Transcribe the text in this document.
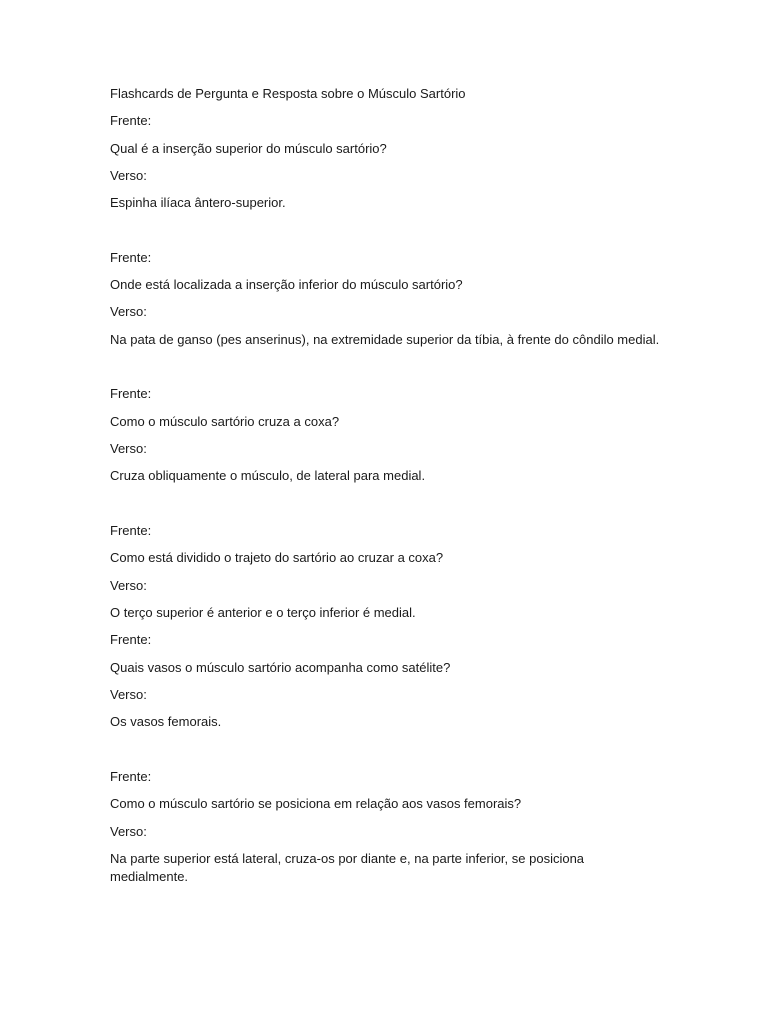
Flashcards de Pergunta e Resposta sobre o Músculo Sartório
Frente:
Qual é a inserção superior do músculo sartório?
Verso:
Espinha ilíaca ântero-superior.
Frente:
Onde está localizada a inserção inferior do músculo sartório?
Verso:
Na pata de ganso (pes anserinus), na extremidade superior da tíbia, à frente do côndilo medial.
Frente:
Como o músculo sartório cruza a coxa?
Verso:
Cruza obliquamente o músculo, de lateral para medial.
Frente:
Como está dividido o trajeto do sartório ao cruzar a coxa?
Verso:
O terço superior é anterior e o terço inferior é medial.
Frente:
Quais vasos o músculo sartório acompanha como satélite?
Verso:
Os vasos femorais.
Frente:
Como o músculo sartório se posiciona em relação aos vasos femorais?
Verso:
Na parte superior está lateral, cruza-os por diante e, na parte inferior, se posiciona medialmente.
